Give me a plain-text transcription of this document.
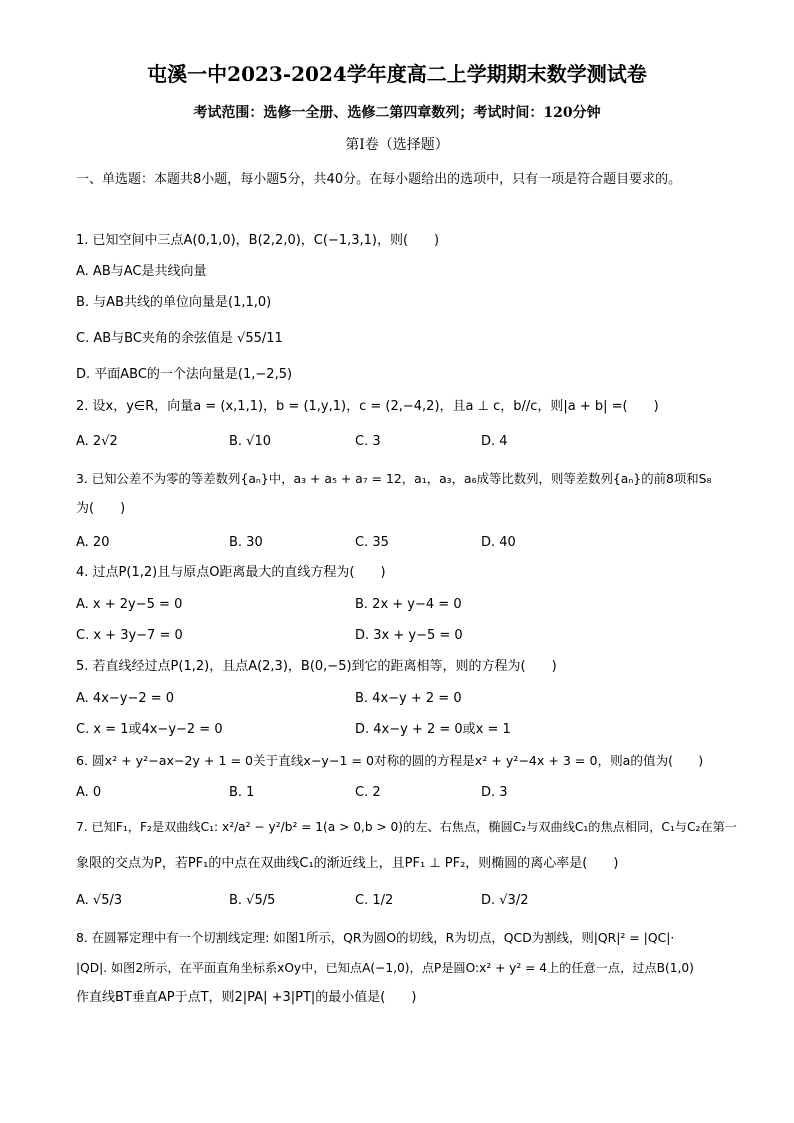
屯溪一中2023-2024学年度高二上学期期末数学测试卷
考试范围：选修一全册、选修二第四章数列；考试时间：120分钟
第Ⅰ卷（选择题）
一、单选题：本题共8小题，每小题5分，共40分。在每小题给出的选项中，只有一项是符合题目要求的。
1. 已知空间中三点A(0,1,0)，B(2,2,0)，C(−1,3,1)，则(　　)
A. AB与AC是共线向量
B. 与AB共线的单位向量是(1,1,0)
C. AB与BC夹角的余弦值是 √55/11
D. 平面ABC的一个法向量是(1,−2,5)
2. 设x，y∈R，向量a = (x,1,1)，b = (1,y,1)，c = (2,−4,2)，且a ⊥ c，b//c，则|a + b| =(　　)
A. 2√2	B. √10	C. 3	D. 4
3. 已知公差不为零的等差数列{aₙ}中，a₃ + a₅ + a₇ = 12，a₁，a₃，a₆成等比数列，则等差数列{aₙ}的前8项和S₈
为(　　)
A. 20	B. 30	C. 35	D. 40
4. 过点P(1,2)且与原点O距离最大的直线方程为(　　)
A. x + 2y−5 = 0	B. 2x + y−4 = 0
C. x + 3y−7 = 0	D. 3x + y−5 = 0
5. 若直线经过点P(1,2)，且点A(2,3)，B(0,−5)到它的距离相等，则的方程为(　　)
A. 4x−y−2 = 0	B. 4x−y + 2 = 0
C. x = 1或4x−y−2 = 0	D. 4x−y + 2 = 0或x = 1
6. 圆x² + y²−ax−2y + 1 = 0关于直线x−y−1 = 0对称的圆的方程是x² + y²−4x + 3 = 0，则a的值为(　　)
A. 0	B. 1	C. 2	D. 3
7. 已知F₁，F₂是双曲线C₁: x²/a² − y²/b² = 1(a > 0,b > 0)的左、右焦点，椭圆C₂与双曲线C₁的焦点相同，C₁与C₂在第一
象限的交点为P，若PF₁的中点在双曲线C₁的渐近线上，且PF₁ ⊥ PF₂，则椭圆的离心率是(　　)
A. √5/3	B. √5/5	C. 1/2	D. √3/2
8. 在圆幂定理中有一个切割线定理: 如图1所示，QR为圆O的切线，R为切点，QCD为割线，则|QR|² = |QC|·
|QD|. 如图2所示，在平面直角坐标系xOy中，已知点A(−1,0)，点P是圆O:x² + y² = 4上的任意一点，过点B(1,0)
作直线BT垂直AP于点T，则2|PA| +3|PT|的最小值是(　　)
